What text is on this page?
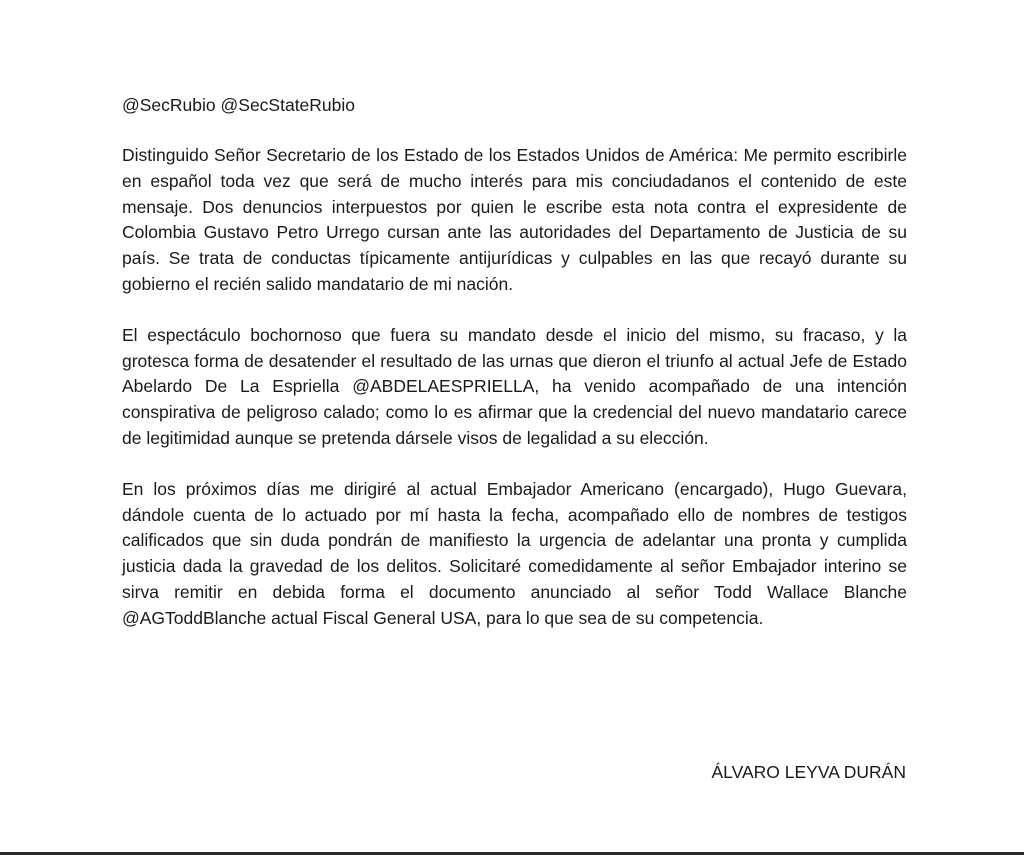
@SecRubio @SecStateRubio

Distinguido Señor Secretario de los Estado de los Estados Unidos de América: Me permito escribirle en español toda vez que será de mucho interés para mis conciudadanos el contenido de este mensaje. Dos denuncios interpuestos por quien le escribe esta nota contra el expresidente de Colombia Gustavo Petro Urrego cursan ante las autoridades del Departamento de Justicia de su país. Se trata de conductas típicamente antijurídicas y culpables en las que recayó durante su gobierno el recién salido mandatario de mi nación.

El espectáculo bochornoso que fuera su mandato desde el inicio del mismo, su fracaso, y la grotesca forma de desatender el resultado de las urnas que dieron el triunfo al actual Jefe de Estado Abelardo De La Espriella @ABDELAESPRIELLA, ha venido acompañado de una intención conspirativa de peligroso calado; como lo es afirmar que la credencial del nuevo mandatario carece de legitimidad aunque se pretenda dársele visos de legalidad a su elección.

En los próximos días me dirigiré al actual Embajador Americano (encargado), Hugo Guevara, dándole cuenta de lo actuado por mí hasta la fecha, acompañado ello de nombres de testigos calificados que sin duda pondrán de manifiesto la urgencia de adelantar una pronta y cumplida justicia dada la gravedad de los delitos. Solicitaré comedidamente al señor Embajador interino se sirva remitir en debida forma el documento anunciado al señor Todd Wallace Blanche @AGToddBlanche actual Fiscal General USA, para lo que sea de su competencia.

ÁLVARO LEYVA DURÁN
